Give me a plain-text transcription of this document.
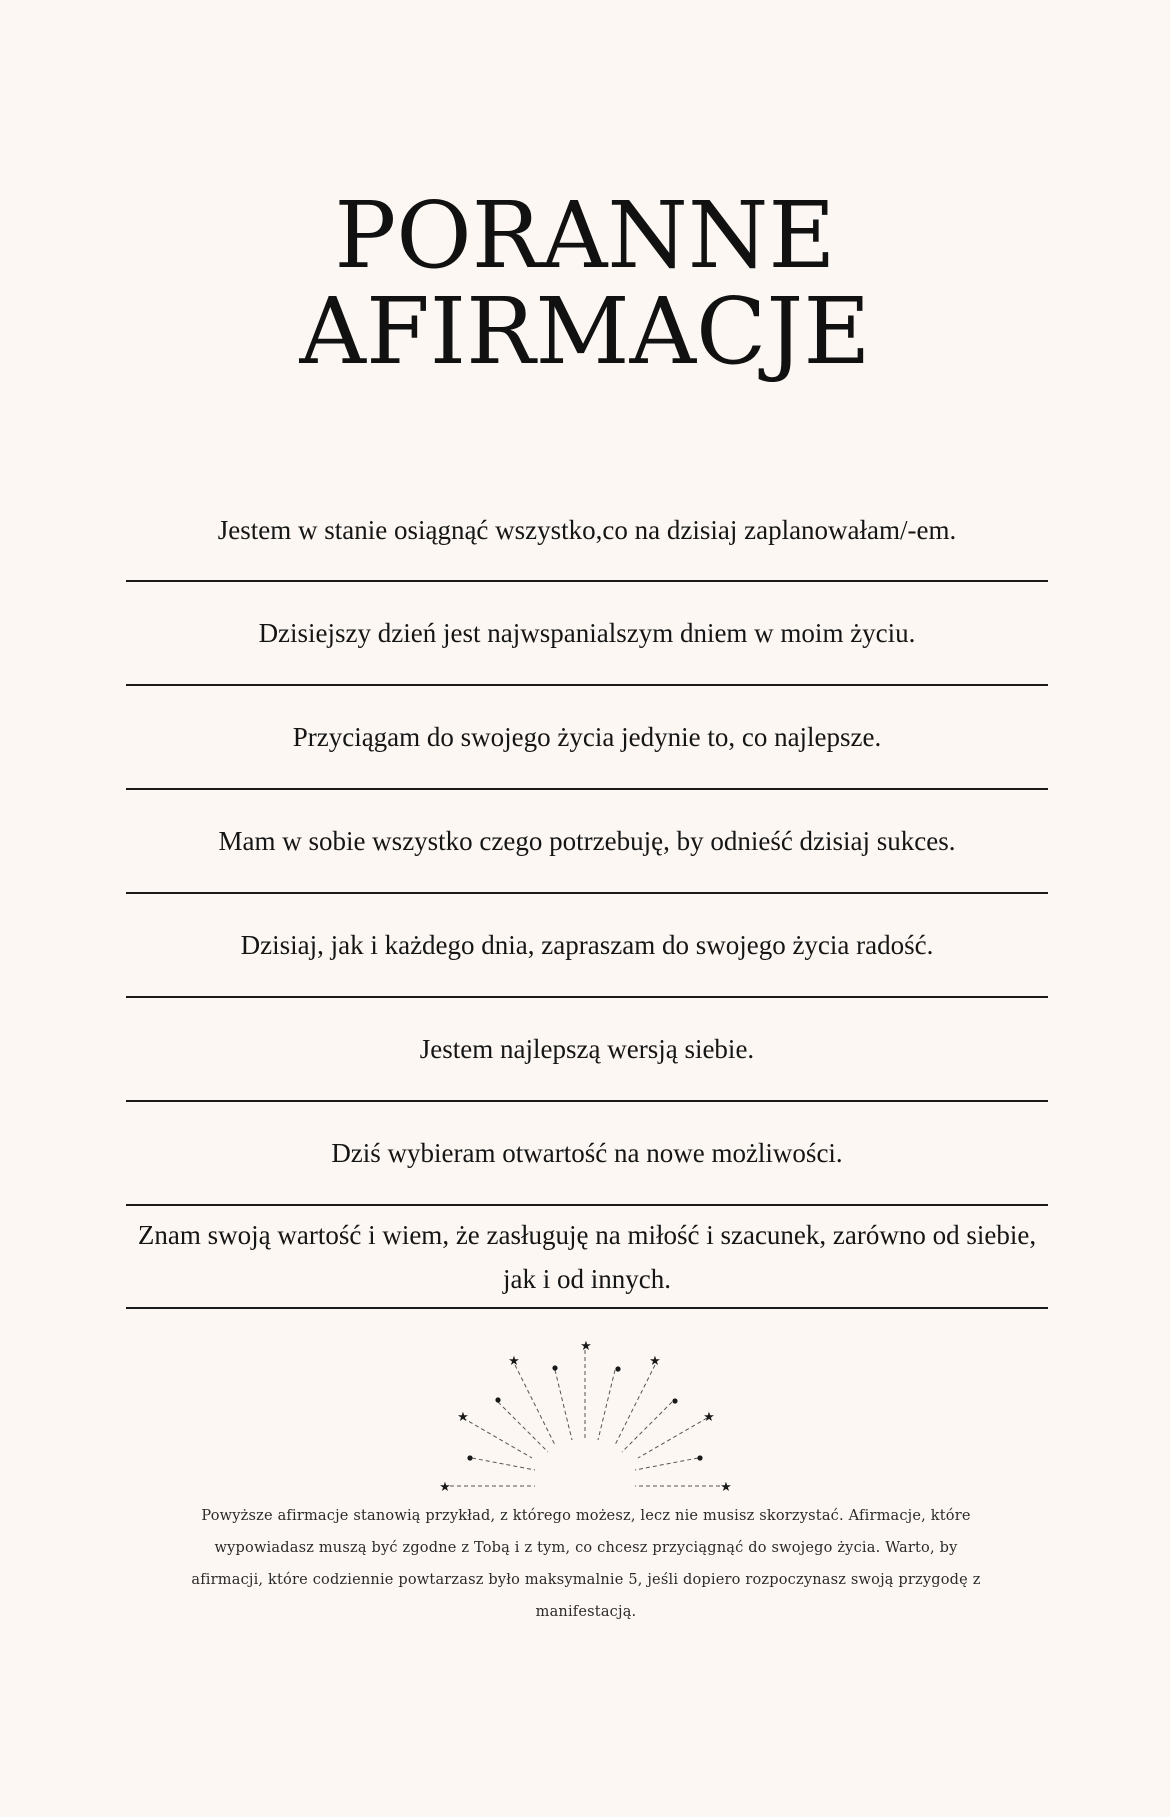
PORANNE
AFIRMACJE
Jestem w stanie osiągnąć wszystko,co na dzisiaj zaplanowałam/-em.
Dzisiejszy dzień jest najwspanialszym dniem w moim życiu.
Przyciągam do swojego życia jedynie to, co najlepsze.
Mam w sobie wszystko czego potrzebuję, by odnieść dzisiaj sukces.
Dzisiaj, jak i każdego dnia, zapraszam do swojego życia radość.
Jestem najlepszą wersją siebie.
Dziś wybieram otwartość na nowe możliwości.
Znam swoją wartość i wiem, że zasługuję na miłość i szacunek, zarówno od siebie, jak i od innych.
★
★	★
★	★
★	★

Powyższe afirmacje stanowią przykład, z którego możesz, lecz nie musisz skorzystać. Afirmacje, które wypowiadasz muszą być zgodne z Tobą i z tym, co chcesz przyciągnąć do swojego życia. Warto, by afirmacji, które codziennie powtarzasz było maksymalnie 5, jeśli dopiero rozpoczynasz swoją przygodę z manifestacją.
